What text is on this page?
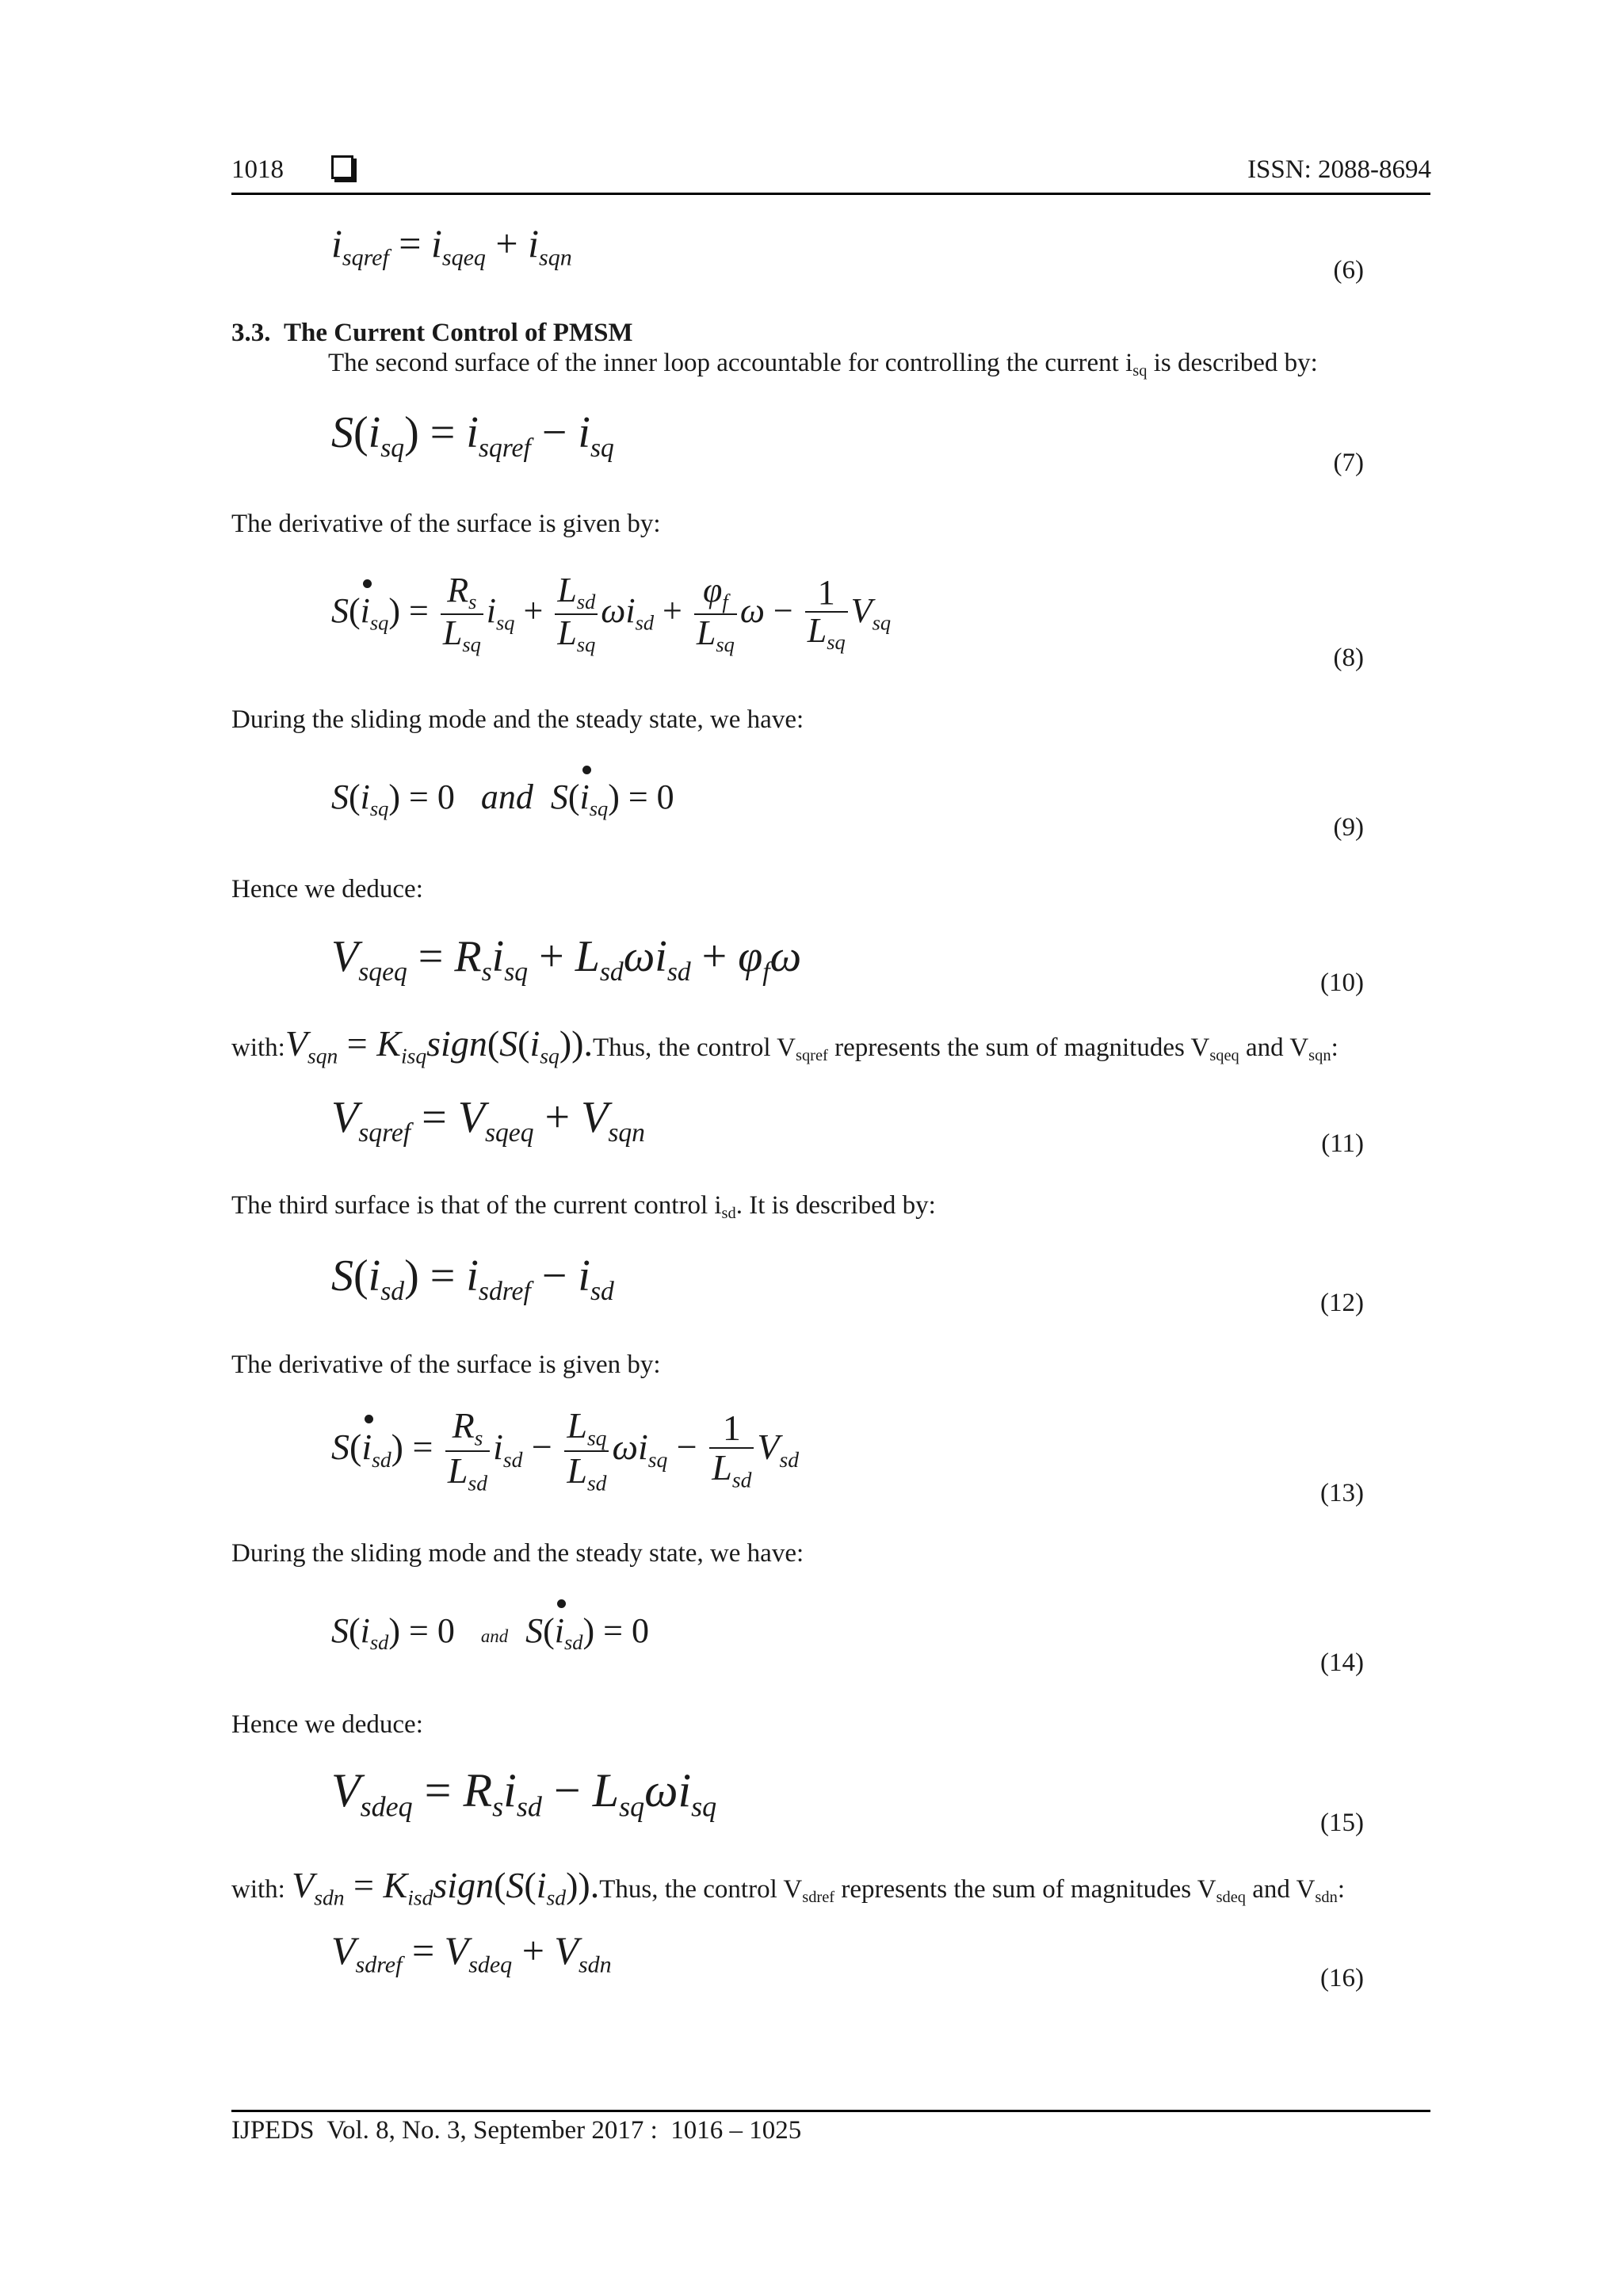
1018	ISSN: 2088-8694
$i_{sqref} = i_{sqeq} + i_{sqn}$	(6)
3.3.  The Current Control of PMSM
The second surface of the inner loop accountable for controlling the current $i_{sq}$ is described by:
$S(i_{sq}) = i_{sqref} - i_{sq}$
(7)
The derivative of the surface is given by:
$S(i_{sq}) = \frac{R_s}{L_{sq}} i_{sq} + \frac{L_{sd}}{L_{sq}} \omega i_{sd} + \frac{\varphi_f}{L_{sq}}$ $\omega - \frac{1}{L_{sq}} V_{sq}$
(8)
During the sliding mode and the steady state, we have:
$S(i_{sq}) = 0$   and $S(i_{sq}) = 0$
(9)
Hence we deduce:
$V_{sqeq} = R_si_{sq} + L_{sd}\omega i_{sd} + \varphi_f\omega$
(10)
$with:V_{sqn}$ = $K_{isq}sign(S(i_{sq})).Thus$, the control $V_{sqref}$ represents the sum of magnitudes $V_{sqeq}$ and $V_{sqn}$:
$V_{sqref} = V_{sqeq} + V_{sqn}$	(11)
The third surface is that of the current control $i_{sd}$. It is described by:
$S(i_{sd}) = i_{sdref} - i_{sd}$	(12)
The derivative of the surface is given by:
$S(i_{sd}) = \frac{R_s}{L_{sd}} i_{sd} - \frac{L_{sq}}{L_{sd}} \omega i_{sq} - \frac{1}{L_{sd}} V_{sd}$
(13)
During the sliding mode and the steady state, we have:
$S(i_{sd}) = 0$   and $S(i_{sd}) = 0$
(14)
Hence we deduce:
$V_{sdeq} = R_si_{sd} - L_{sq}\omega i_{sq}$
(15)
with: $V_{sdn}$ = $K_{isd}sign(S(i_{sd})).Thus$, the control $V_{sdref}$ represents the sum of magnitudes $V_{sdeq}$ and $V_{sdn}$:
$V_{sdref} = V_{sdeq} + V_{sdn}$	(16)
IJPEDS  Vol. 8, No. 3, September 2017 :  1016 – 1025
